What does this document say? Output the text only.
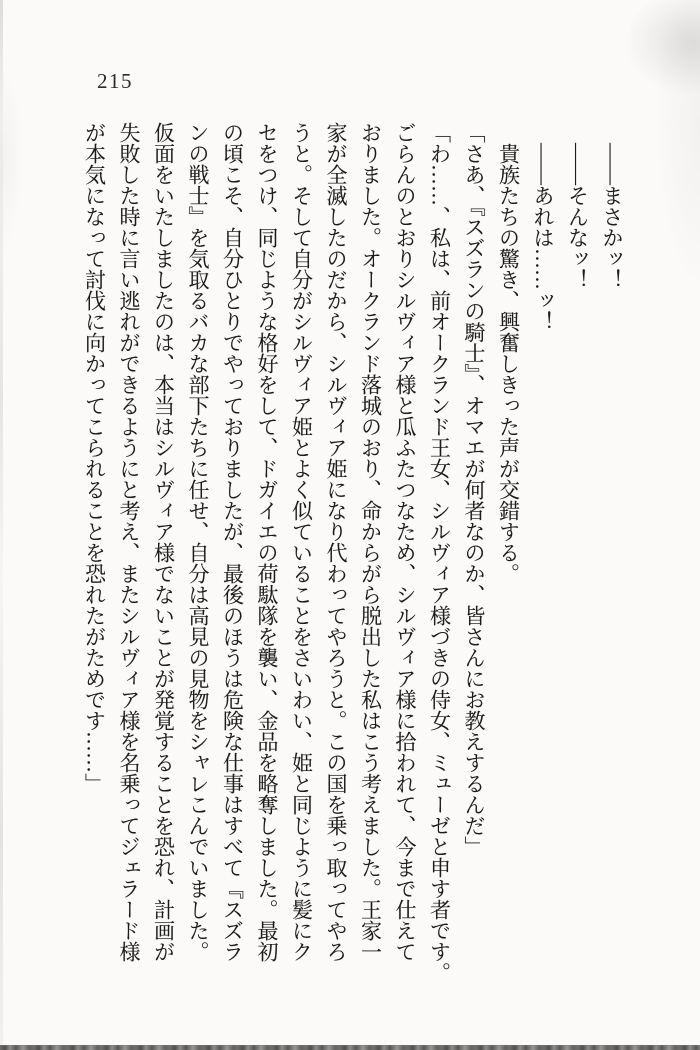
215
――まさかッ！
――そんなッ！
――あれは……ッ！
貴族たちの驚き、興奮しきった声が交錯する。
「さあ、『スズランの騎士』、オマエが何者なのか、皆さんにお教えするんだ」
「わ……、私は、前オークランド王女、シルヴィア様づきの侍女、ミューゼと申す者です。
ごらんのとおりシルヴィア様と瓜ふたつなため、シルヴィア様に拾われて、今まで仕えて
おりました。オークランド落城のおり、命からがら脱出した私はこう考えました。王家一
家が全滅したのだから、シルヴィア姫になり代わってやろうと。この国を乗っ取ってやろ
うと。そして自分がシルヴィア姫とよく似ていることをさいわい、姫と同じように髪にク
セをつけ、同じような格好をして、ドガイエの荷駄隊を襲い、金品を略奪しました。最初
の頃こそ、自分ひとりでやっておりましたが、最後のほうは危険な仕事はすべて『スズラ
ンの戦士』を気取るバカな部下たちに任せ、自分は高見の見物をシャレこんでいました。
仮面をいたしましたのは、本当はシルヴィア様でないことが発覚することを恐れ、計画が
失敗した時に言い逃れができるようにと考え、またシルヴィア様を名乗ってジェラード様
が本気になって討伐に向かってこられることを恐れたがためです……」
